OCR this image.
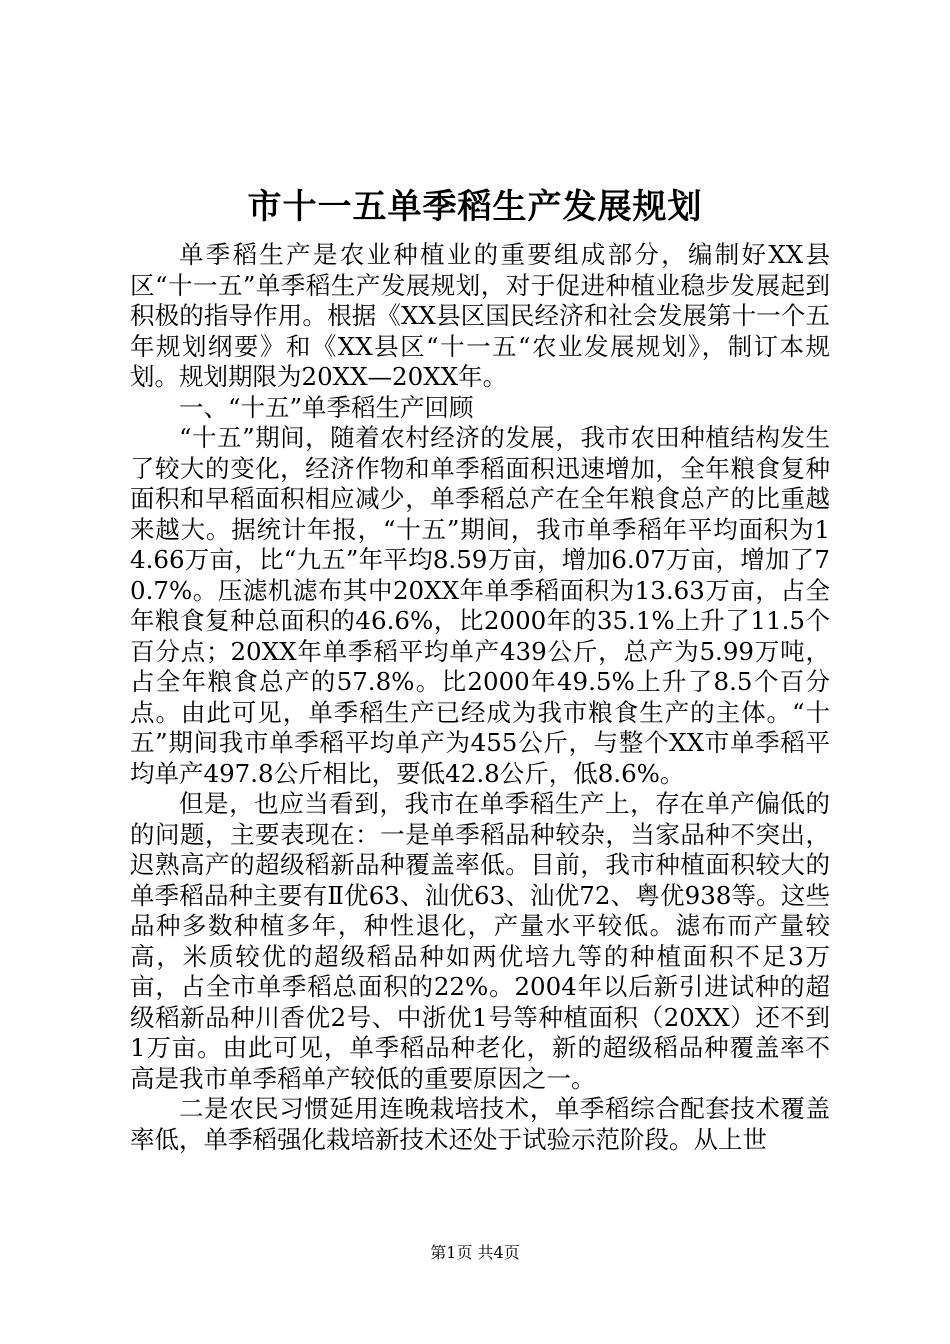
市十一五单季稻生产发展规划

单季稻生产是农业种植业的重要组成部分，编制好XX县区“十一五”单季稻生产发展规划，对于促进种植业稳步发展起到积极的指导作用。根据《XX县区国民经济和社会发展第十一个五年规划纲要》和《XX县区“十一五“农业发展规划》，制订本规划。规划期限为20XX—20XX年。

一、“十五”单季稻生产回顾

“十五”期间，随着农村经济的发展，我市农田种植结构发生了较大的变化，经济作物和单季稻面积迅速增加，全年粮食复种面积和早稻面积相应减少，单季稻总产在全年粮食总产的比重越来越大。据统计年报，“十五”期间，我市单季稻年平均面积为14.66万亩，比“九五”年平均8.59万亩，增加6.07万亩，增加了70.7%。压滤机滤布其中20XX年单季稻面积为13.63万亩，占全年粮食复种总面积的46.6%，比2000年的35.1%上升了11.5个百分点；20XX年单季稻平均单产439公斤，总产为5.99万吨，占全年粮食总产的57.8%。比2000年49.5%上升了8.5个百分点。由此可见，单季稻生产已经成为我市粮食生产的主体。“十五”期间我市单季稻平均单产为455公斤，与整个XX市单季稻平均单产497.8公斤相比，要低42.8公斤，低8.6%。

但是，也应当看到，我市在单季稻生产上，存在单产偏低的的问题，主要表现在：一是单季稻品种较杂，当家品种不突出，迟熟高产的超级稻新品种覆盖率低。目前，我市种植面积较大的单季稻品种主要有Ⅱ优63、汕优63、汕优72、粤优938等。这些品种多数种植多年，种性退化，产量水平较低。滤布而产量较高，米质较优的超级稻品种如两优培九等的种植面积不足3万亩，占全市单季稻总面积的22%。2004年以后新引进试种的超级稻新品种川香优2号、中浙优1号等种植面积（20XX）还不到1万亩。由此可见，单季稻品种老化，新的超级稻品种覆盖率不高是我市单季稻单产较低的重要原因之一。

二是农民习惯延用连晚栽培技术，单季稻综合配套技术覆盖率低，单季稻强化栽培新技术还处于试验示范阶段。从上世

第1页 共4页
